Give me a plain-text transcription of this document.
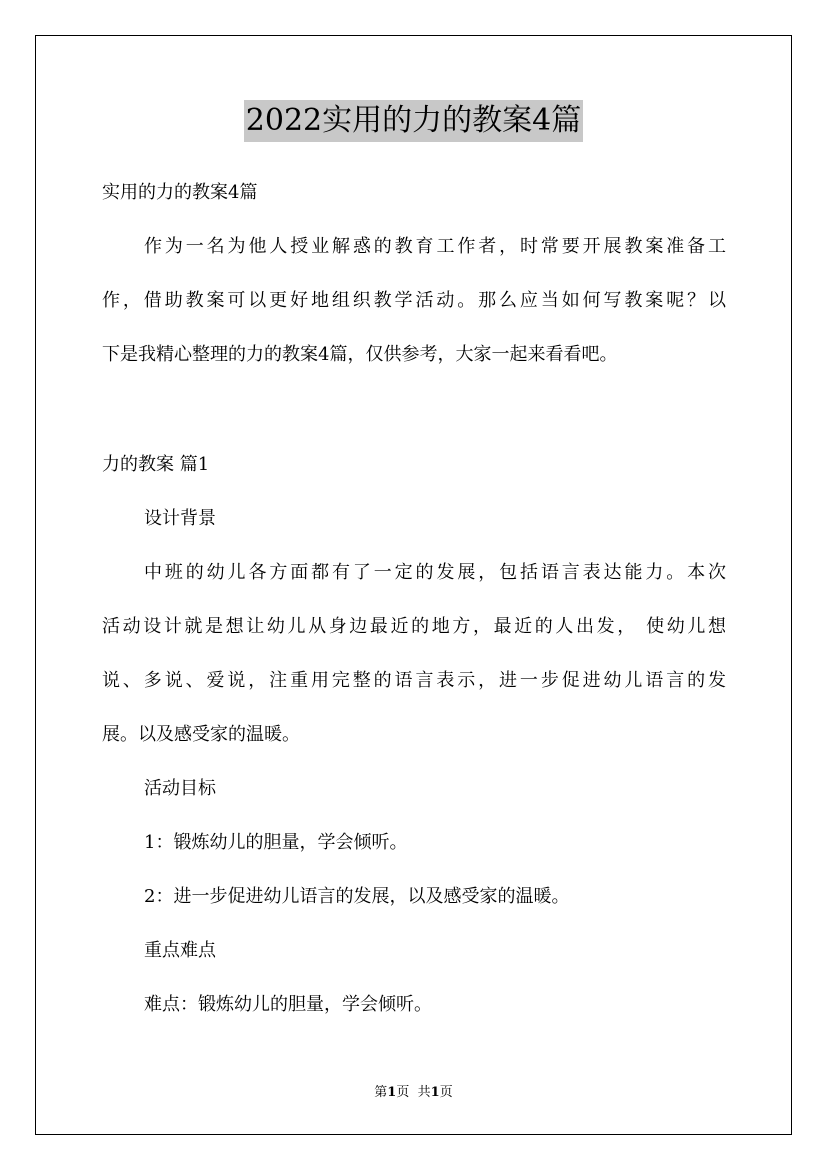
2022实用的力的教案4篇
实用的力的教案4篇
作为一名为他人授业解惑的教育工作者，时常要开展教案准备工
作，借助教案可以更好地组织教学活动。那么应当如何写教案呢？以
下是我精心整理的力的教案4篇，仅供参考，大家一起来看看吧。
力的教案 篇1
设计背景
中班的幼儿各方面都有了一定的发展，包括语言表达能力。本次
活动设计就是想让幼儿从身边最近的地方，最近的人出发， 使幼儿想
说、多说、爱说，注重用完整的语言表示，进一步促进幼儿语言的发
展。以及感受家的温暖。
活动目标
1：锻炼幼儿的胆量，学会倾听。
2：进一步促进幼儿语言的发展，以及感受家的温暖。
重点难点
难点：锻炼幼儿的胆量，学会倾听。
第1页 共1页
